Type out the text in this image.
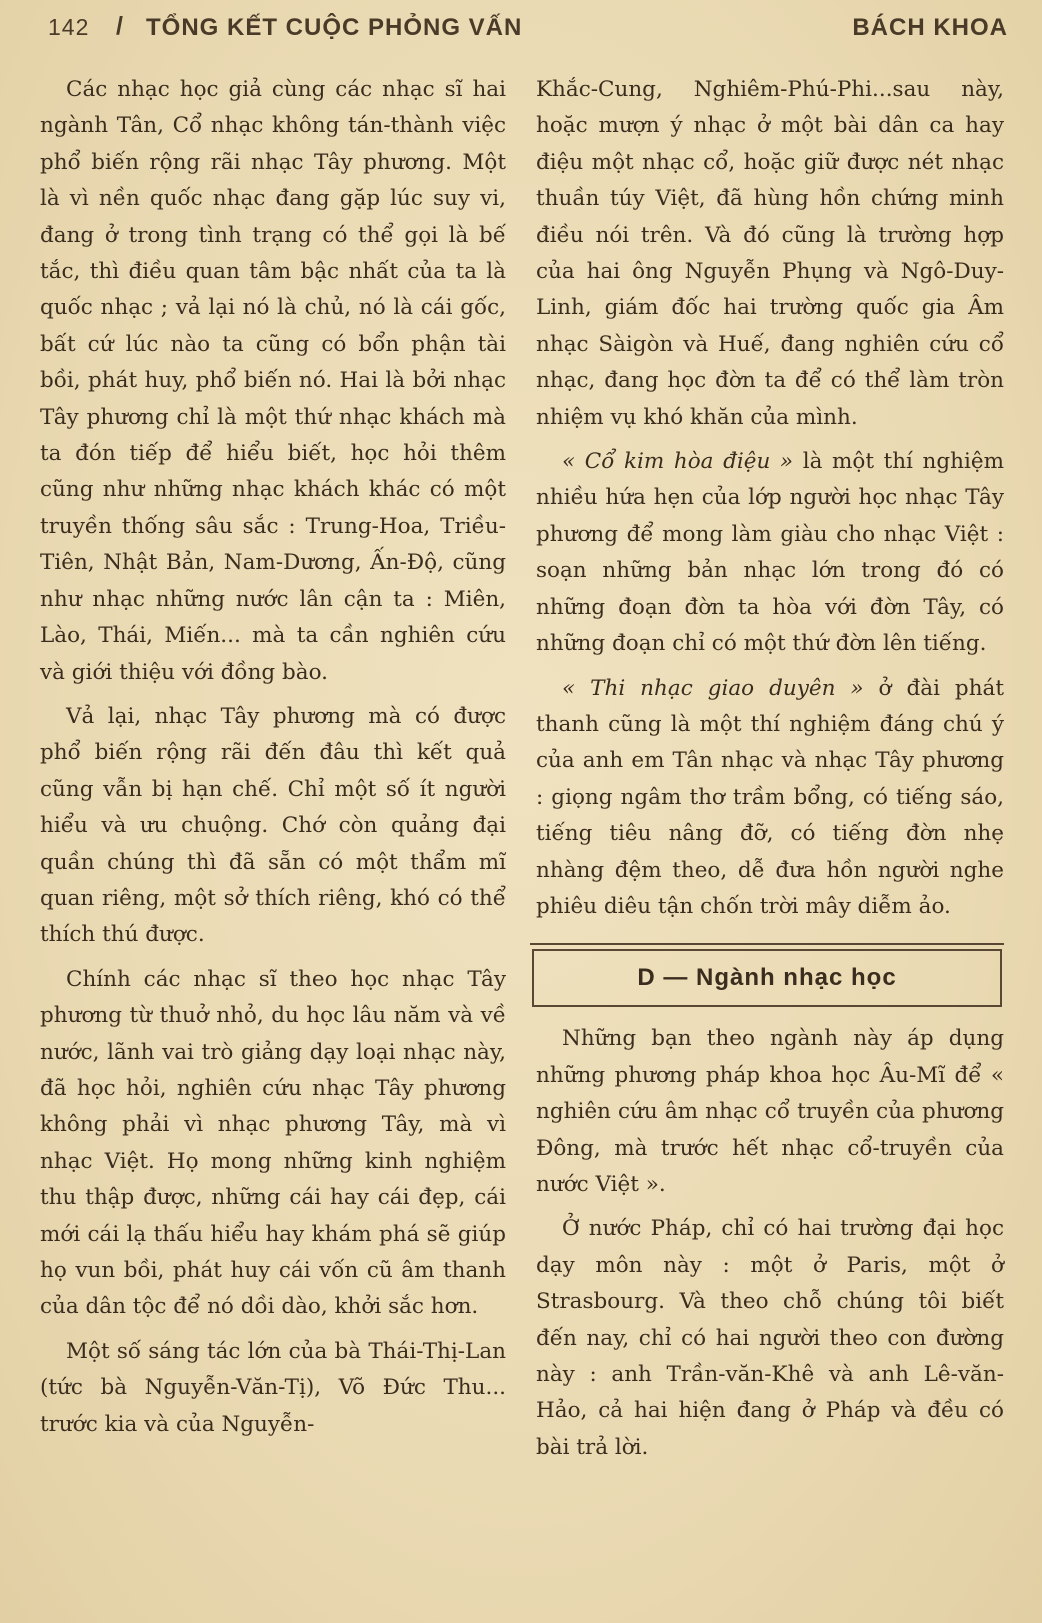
142 / TỔNG KẾT CUỘC PHỎNG VẤN	BÁCH KHOA

Các nhạc học giả cùng các nhạc sĩ hai ngành Tân, Cổ nhạc không tán-thành việc phổ biến rộng rãi nhạc Tây phương. Một là vì nền quốc nhạc đang gặp lúc suy vi, đang ở trong tình trạng có thể gọi là bế tắc, thì điều quan tâm bậc nhất của ta là quốc nhạc ; vả lại nó là chủ, nó là cái gốc, bất cứ lúc nào ta cũng có bổn phận tài bồi, phát huy, phổ biến nó. Hai là bởi nhạc Tây phương chỉ là một thứ nhạc khách mà ta đón tiếp để hiểu biết, học hỏi thêm cũng như những nhạc khách khác có một truyền thống sâu sắc : Trung-Hoa, Triều-Tiên, Nhật Bản, Nam-Dương, Ấn-Độ, cũng như nhạc những nước lân cận ta : Miên, Lào, Thái, Miến... mà ta cần nghiên cứu và giới thiệu với đồng bào.

Vả lại, nhạc Tây phương mà có được phổ biến rộng rãi đến đâu thì kết quả cũng vẫn bị hạn chế. Chỉ một số ít người hiểu và ưu chuộng. Chớ còn quảng đại quần chúng thì đã sẵn có một thẩm mĩ quan riêng, một sở thích riêng, khó có thể thích thú được.

Chính các nhạc sĩ theo học nhạc Tây phương từ thuở nhỏ, du học lâu năm và về nước, lãnh vai trò giảng dạy loại nhạc này, đã học hỏi, nghiên cứu nhạc Tây phương không phải vì nhạc phương Tây, mà vì nhạc Việt. Họ mong những kinh nghiệm thu thập được, những cái hay cái đẹp, cái mới cái lạ thấu hiểu hay khám phá sẽ giúp họ vun bồi, phát huy cái vốn cũ âm thanh của dân tộc để nó dồi dào, khởi sắc hơn.

Một số sáng tác lớn của bà Thái-Thị-Lan (tức bà Nguyễn-Văn-Tị), Võ Đức Thu... trước kia và của Nguyễn-

Khắc-Cung, Nghiêm-Phú-Phi...sau này, hoặc mượn ý nhạc ở một bài dân ca hay điệu một nhạc cổ, hoặc giữ được nét nhạc thuần túy Việt, đã hùng hồn chứng minh điều nói trên. Và đó cũng là trường hợp của hai ông Nguyễn Phụng và Ngô-Duy-Linh, giám đốc hai trường quốc gia Âm nhạc Sàigòn và Huế, đang nghiên cứu cổ nhạc, đang học đờn ta để có thể làm tròn nhiệm vụ khó khăn của mình.

« Cổ kim hòa điệu » là một thí nghiệm nhiều hứa hẹn của lớp người học nhạc Tây phương để mong làm giàu cho nhạc Việt : soạn những bản nhạc lớn trong đó có những đoạn đờn ta hòa với đờn Tây, có những đoạn chỉ có một thứ đờn lên tiếng.

« Thi nhạc giao duyên » ở đài phát thanh cũng là một thí nghiệm đáng chú ý của anh em Tân nhạc và nhạc Tây phương : giọng ngâm thơ trầm bổng, có tiếng sáo, tiếng tiêu nâng đỡ, có tiếng đờn nhẹ nhàng đệm theo, dễ đưa hồn người nghe phiêu diêu tận chốn trời mây diễm ảo.

D — Ngành nhạc học

Những bạn theo ngành này áp dụng những phương pháp khoa học Âu-Mĩ để « nghiên cứu âm nhạc cổ truyền của phương Đông, mà trước hết nhạc cổ-truyền của nước Việt ».

Ở nước Pháp, chỉ có hai trường đại học dạy môn này : một ở Paris, một ở Strasbourg. Và theo chỗ chúng tôi biết đến nay, chỉ có hai người theo con đường này : anh Trần-văn-Khê và anh Lê-văn-Hảo, cả hai hiện đang ở Pháp và đều có bài trả lời.
